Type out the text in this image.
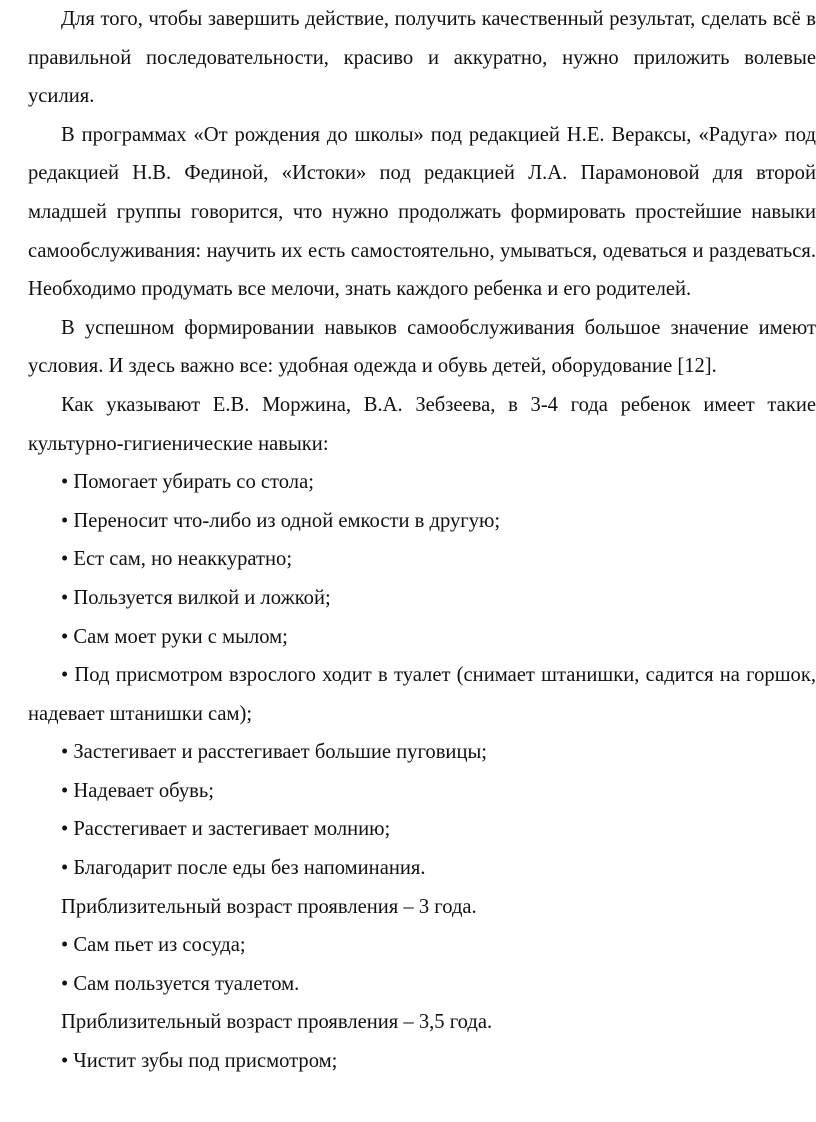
Для того, чтобы завершить действие, получить качественный результат, сделать всё в правильной последовательности, красиво и аккуратно, нужно приложить волевые усилия.

В программах «От рождения до школы» под редакцией Н.Е. Вераксы, «Радуга» под редакцией Н.В. Фединой, «Истоки» под редакцией Л.А. Парамоновой для второй младшей группы говорится, что нужно продолжать формировать простейшие навыки самообслуживания: научить их есть самостоятельно, умываться, одеваться и раздеваться. Необходимо продумать все мелочи, знать каждого ребенка и его родителей.

В успешном формировании навыков самообслуживания большое значение имеют условия. И здесь важно все: удобная одежда и обувь детей, оборудование [12].

Как указывают Е.В. Моржина, В.А. Зебзеева, в 3-4 года ребенок имеет такие культурно-гигиенические навыки:

• Помогает убирать со стола;

• Переносит что-либо из одной емкости в другую;

• Ест сам, но неаккуратно;

• Пользуется вилкой и ложкой;

• Сам моет руки с мылом;

• Под присмотром взрослого ходит в туалет (снимает штанишки, садится на горшок, надевает штанишки сам);

• Застегивает и расстегивает большие пуговицы;

• Надевает обувь;

• Расстегивает и застегивает молнию;

• Благодарит после еды без напоминания.

Приблизительный возраст проявления – 3 года.

• Сам пьет из сосуда;

• Сам пользуется туалетом.

Приблизительный возраст проявления – 3,5 года.

• Чистит зубы под присмотром;
